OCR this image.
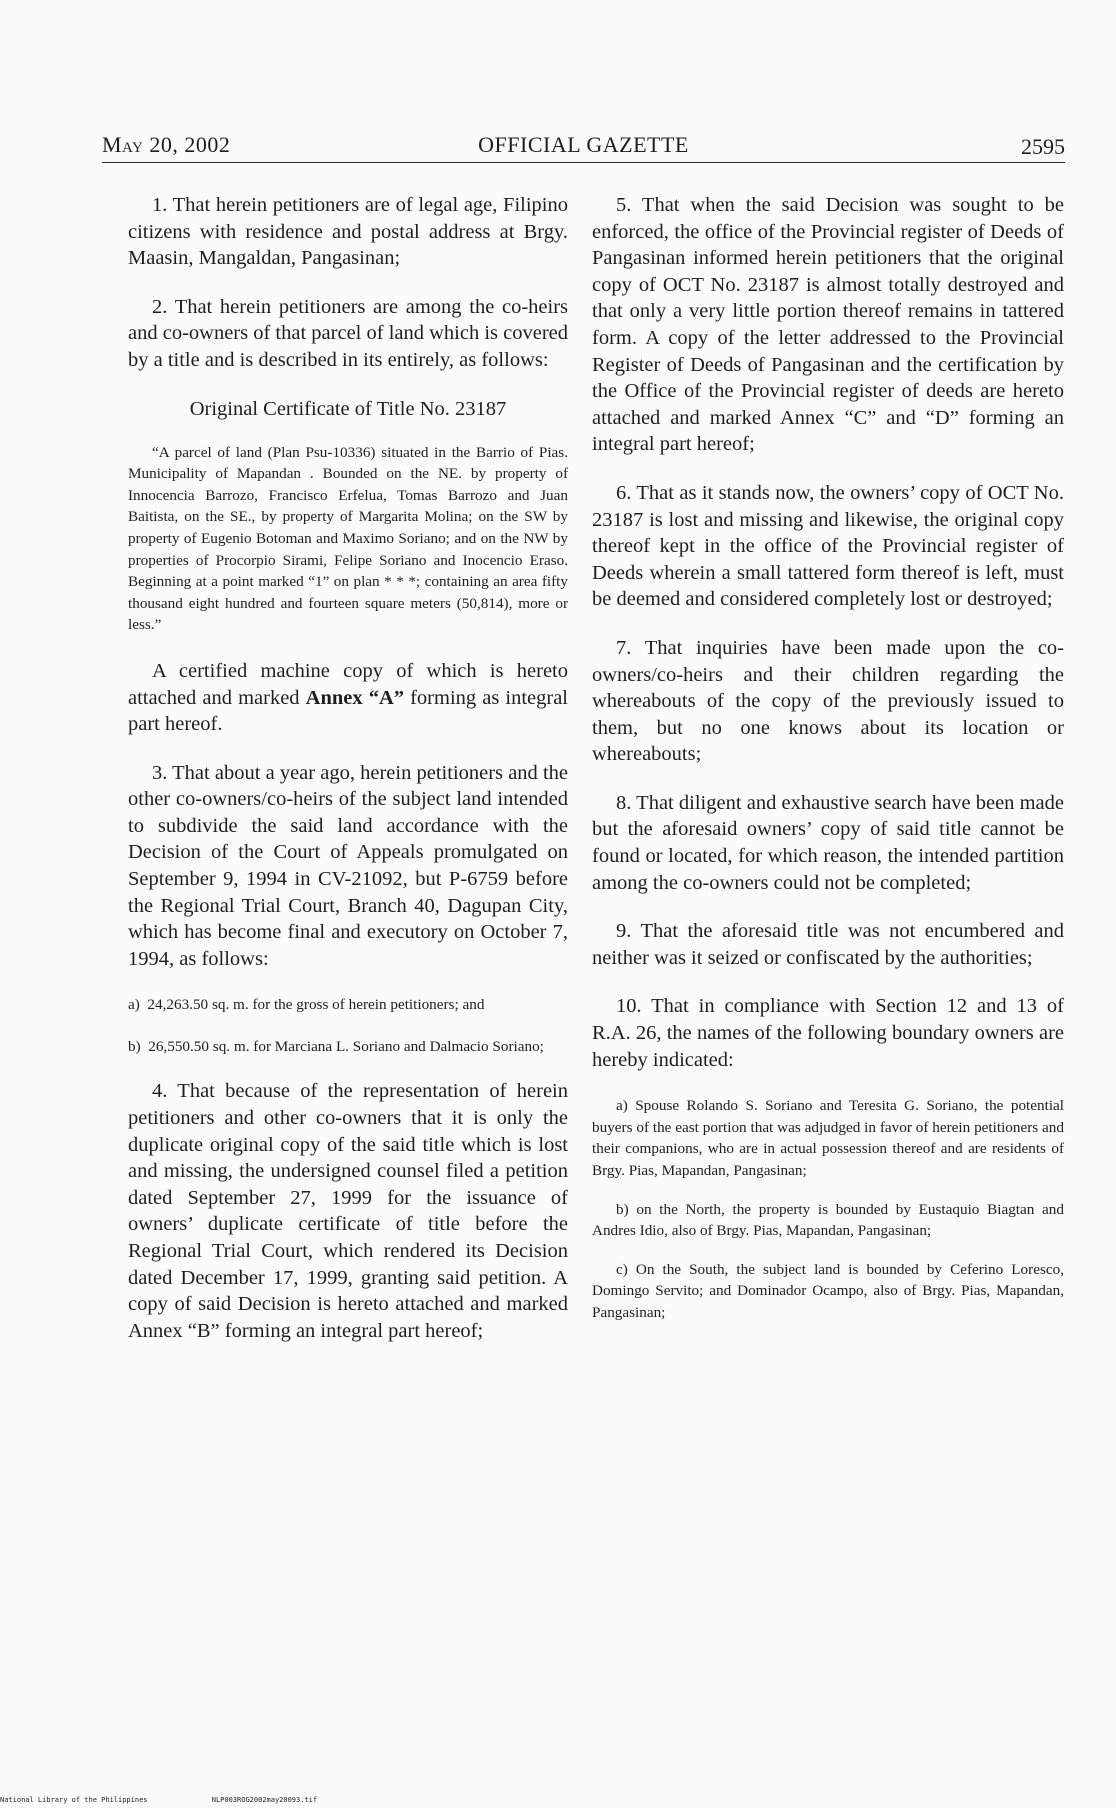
May 20, 2002	OFFICIAL GAZETTE	2595

1. That herein petitioners are of legal age, Filipino citizens with residence and postal address at Brgy. Maasin, Mangaldan, Pangasinan;

2. That herein petitioners are among the co-heirs and co-owners of that parcel of land which is covered by a title and is described in its entirely, as follows:

Original Certificate of Title No. 23187

“A parcel of land (Plan Psu-10336) situated in the Barrio of Pias. Municipality of Mapandan . Bounded on the NE. by property of Innocencia Barrozo, Francisco Erfelua, Tomas Barrozo and Juan Baitista, on the SE., by property of Margarita Molina; on the SW by property of Eugenio Botoman and Maximo Soriano; and on the NW by properties of Procorpio Sirami, Felipe Soriano and Inocencio Eraso. Beginning at a point marked “1” on plan * * *; containing an area fifty thousand eight hundred and fourteen square meters (50,814), more or less.”

A certified machine copy of which is hereto attached and marked Annex “A” forming as integral part hereof.

3. That about a year ago, herein petitioners and the other co-owners/co-heirs of the subject land intended to subdivide the said land accordance with the Decision of the Court of Appeals promulgated on September 9, 1994 in CV-21092, but P-6759 before the Regional Trial Court, Branch 40, Dagupan City, which has become final and executory on October 7, 1994, as follows:

a)  24,263.50 sq. m. for the gross of herein petitioners; and

b)  26,550.50 sq. m. for Marciana L. Soriano and Dalmacio Soriano;

4. That because of the representation of herein petitioners and other co-owners that it is only the duplicate original copy of the said title which is lost and missing, the undersigned counsel filed a petition dated September 27, 1999 for the issuance of owners’ duplicate certificate of title before the Regional Trial Court, which rendered its Decision dated December 17, 1999, granting said petition. A copy of said Decision is hereto attached and marked Annex “B” forming an integral part hereof;

5. That when the said Decision was sought to be enforced, the office of the Provincial register of Deeds of Pangasinan informed herein petitioners that the original copy of OCT No. 23187 is almost totally destroyed and that only a very little portion thereof remains in tattered form. A copy of the letter addressed to the Provincial Register of Deeds of Pangasinan and the certification by the Office of the Provincial register of deeds are hereto attached and marked Annex “C” and “D” forming an integral part hereof;

6. That as it stands now, the owners’ copy of OCT No. 23187 is lost and missing and likewise, the original copy thereof kept in the office of the Provincial register of Deeds wherein a small tattered form thereof is left, must be deemed and considered completely lost or destroyed;

7. That inquiries have been made upon the co-owners/co-heirs and their children regarding the whereabouts of the copy of the previously issued to them, but no one knows about its location or whereabouts;

8. That diligent and exhaustive search have been made but the aforesaid owners’ copy of said title cannot be found or located, for which reason, the intended partition among the co-owners could not be completed;

9. That the aforesaid title was not encumbered and neither was it seized or confiscated by the authorities;

10. That in compliance with Section 12 and 13 of R.A. 26, the names of the following boundary owners are hereby indicated:

a) Spouse Rolando S. Soriano and Teresita G. Soriano, the potential buyers of the east portion that was adjudged in favor of herein petitioners and their companions, who are in actual possession thereof and are residents of Brgy. Pias, Mapandan, Pangasinan;

b) on the North, the property is bounded by Eustaquio Biagtan and Andres Idio, also of Brgy. Pias, Mapandan, Pangasinan;

c) On the South, the subject land is bounded by Ceferino Loresco, Domingo Servito; and Dominador Ocampo, also of Brgy. Pias, Mapandan, Pangasinan;

National Library of the Philippines	NLP003ROG2002may20093.tif
